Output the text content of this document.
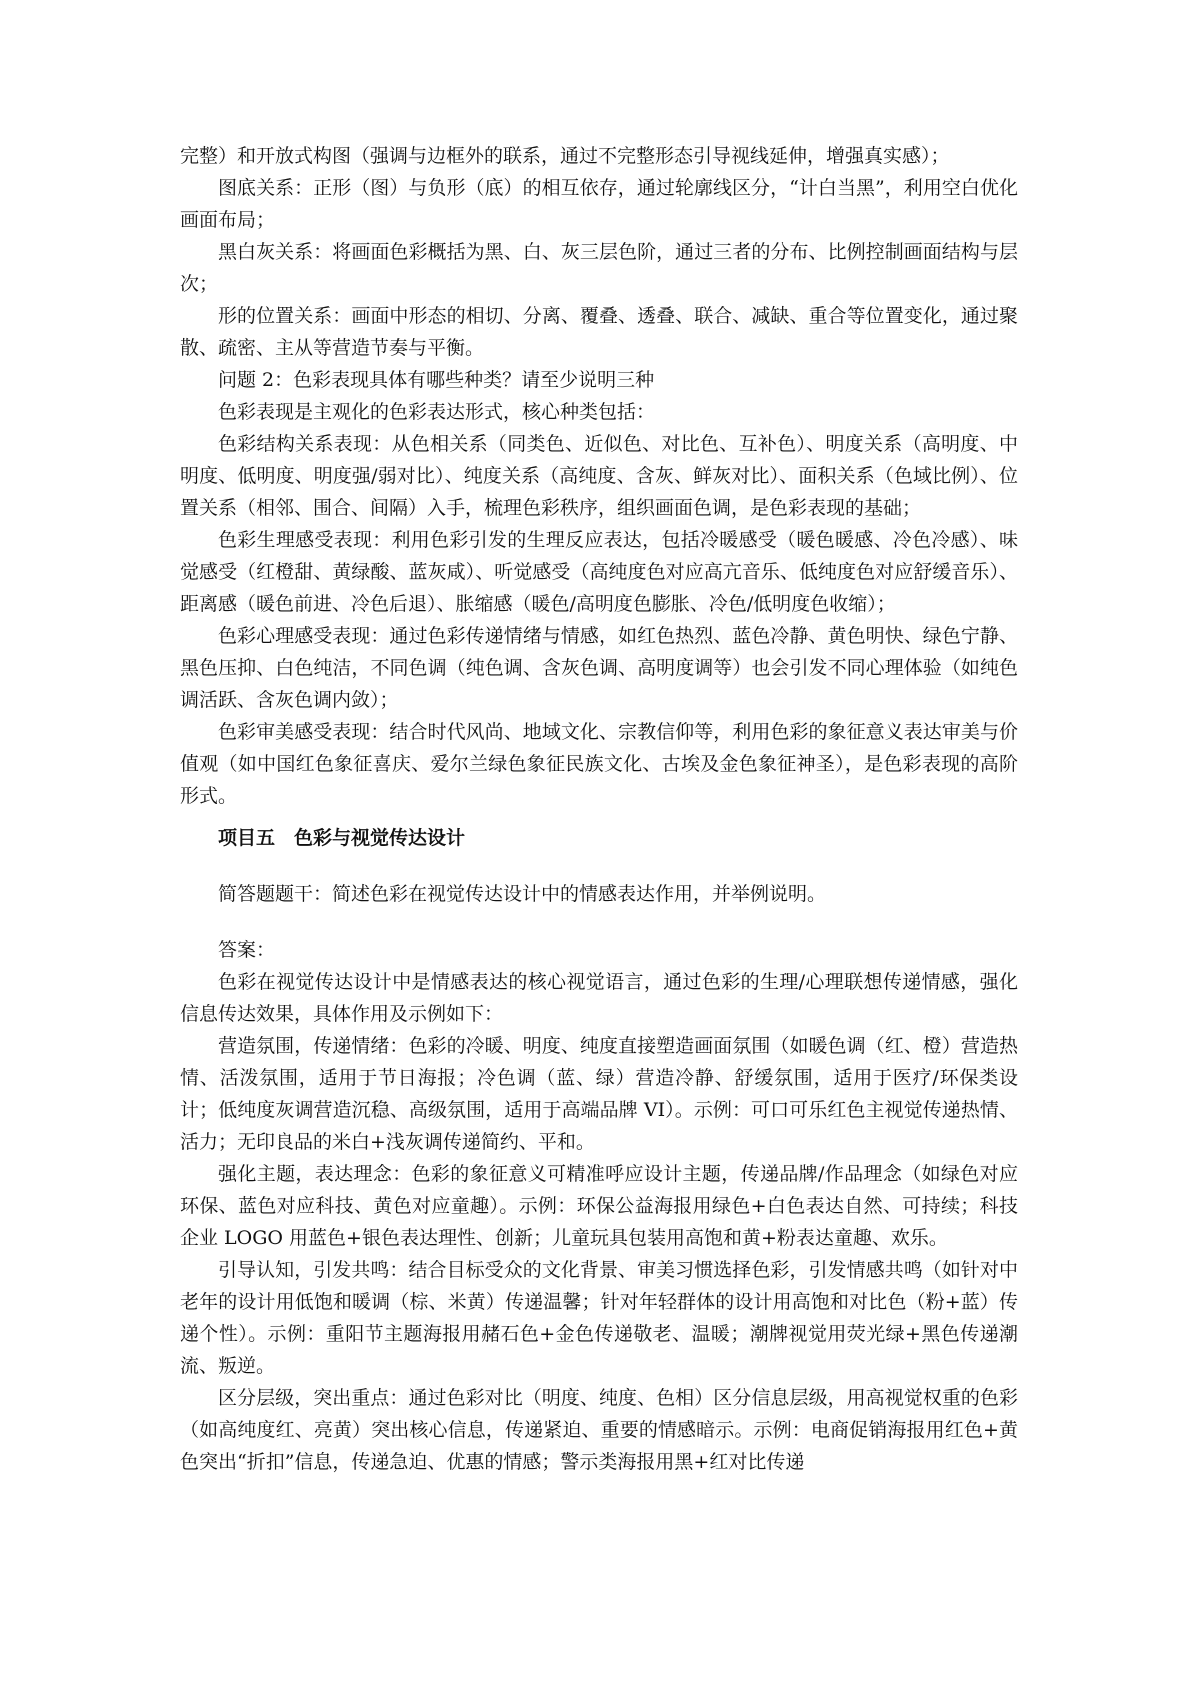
完整）和开放式构图（强调与边框外的联系，通过不完整形态引导视线延伸，增强真实感）；

图底关系：正形（图）与负形（底）的相互依存，通过轮廓线区分，“计白当黑”，利用空白优化画面布局；

黑白灰关系：将画面色彩概括为黑、白、灰三层色阶，通过三者的分布、比例控制画面结构与层次；

形的位置关系：画面中形态的相切、分离、覆叠、透叠、联合、减缺、重合等位置变化，通过聚散、疏密、主从等营造节奏与平衡。

问题 2：色彩表现具体有哪些种类？请至少说明三种

色彩表现是主观化的色彩表达形式，核心种类包括：

色彩结构关系表现：从色相关系（同类色、近似色、对比色、互补色）、明度关系（高明度、中明度、低明度、明度强/弱对比）、纯度关系（高纯度、含灰、鲜灰对比）、面积关系（色域比例）、位置关系（相邻、围合、间隔）入手，梳理色彩秩序，组织画面色调，是色彩表现的基础；

色彩生理感受表现：利用色彩引发的生理反应表达，包括冷暖感受（暖色暖感、冷色冷感）、味觉感受（红橙甜、黄绿酸、蓝灰咸）、听觉感受（高纯度色对应高亢音乐、低纯度色对应舒缓音乐）、距离感（暖色前进、冷色后退）、胀缩感（暖色/高明度色膨胀、冷色/低明度色收缩）；

色彩心理感受表现：通过色彩传递情绪与情感，如红色热烈、蓝色冷静、黄色明快、绿色宁静、黑色压抑、白色纯洁，不同色调（纯色调、含灰色调、高明度调等）也会引发不同心理体验（如纯色调活跃、含灰色调内敛）；

色彩审美感受表现：结合时代风尚、地域文化、宗教信仰等，利用色彩的象征意义表达审美与价值观（如中国红色象征喜庆、爱尔兰绿色象征民族文化、古埃及金色象征神圣），是色彩表现的高阶形式。

项目五　色彩与视觉传达设计

简答题题干：简述色彩在视觉传达设计中的情感表达作用，并举例说明。

答案：

色彩在视觉传达设计中是情感表达的核心视觉语言，通过色彩的生理/心理联想传递情感，强化信息传达效果，具体作用及示例如下：

营造氛围，传递情绪：色彩的冷暖、明度、纯度直接塑造画面氛围（如暖色调（红、橙）营造热情、活泼氛围，适用于节日海报；冷色调（蓝、绿）营造冷静、舒缓氛围，适用于医疗/环保类设计；低纯度灰调营造沉稳、高级氛围，适用于高端品牌 VI）。示例：可口可乐红色主视觉传递热情、活力；无印良品的米白+浅灰调传递简约、平和。

强化主题，表达理念：色彩的象征意义可精准呼应设计主题，传递品牌/作品理念（如绿色对应环保、蓝色对应科技、黄色对应童趣）。示例：环保公益海报用绿色+白色表达自然、可持续；科技企业 LOGO 用蓝色+银色表达理性、创新；儿童玩具包装用高饱和黄+粉表达童趣、欢乐。

引导认知，引发共鸣：结合目标受众的文化背景、审美习惯选择色彩，引发情感共鸣（如针对中老年的设计用低饱和暖调（棕、米黄）传递温馨；针对年轻群体的设计用高饱和对比色（粉+蓝）传递个性）。示例：重阳节主题海报用赭石色+金色传递敬老、温暖；潮牌视觉用荧光绿+黑色传递潮流、叛逆。

区分层级，突出重点：通过色彩对比（明度、纯度、色相）区分信息层级，用高视觉权重的色彩（如高纯度红、亮黄）突出核心信息，传递紧迫、重要的情感暗示。示例：电商促销海报用红色+黄色突出“折扣”信息，传递急迫、优惠的情感；警示类海报用黑+红对比传递
